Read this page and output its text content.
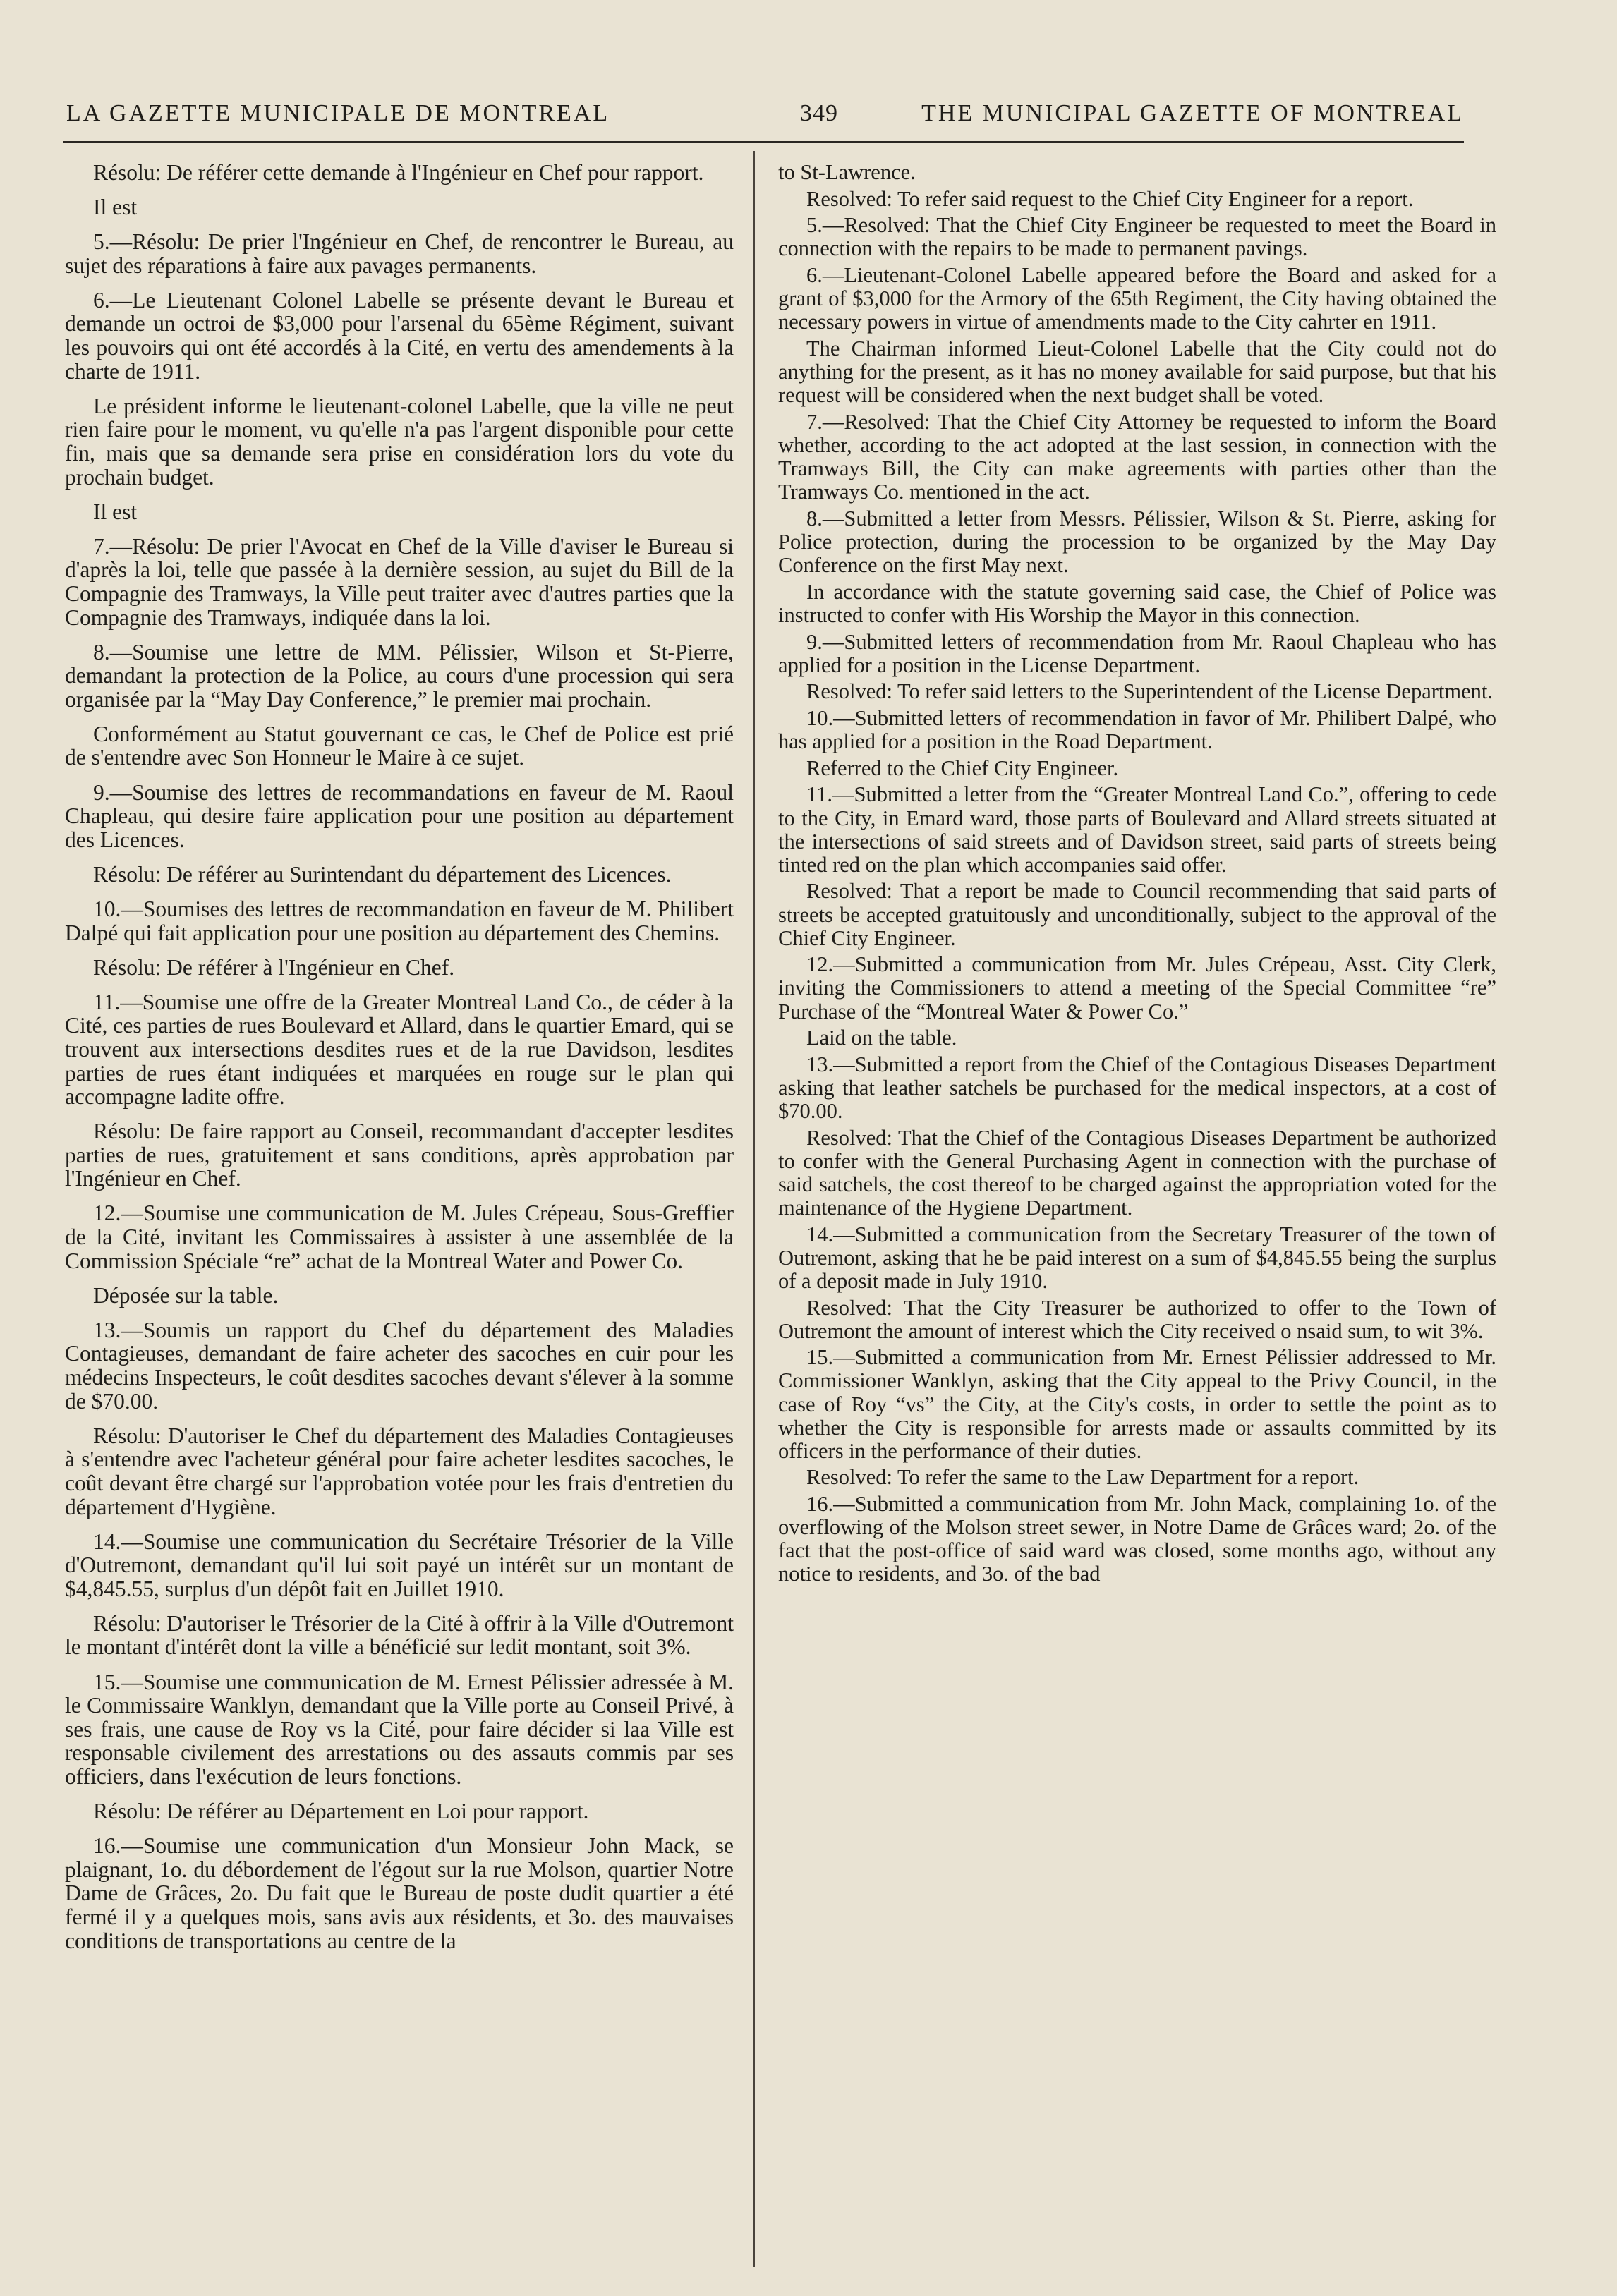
LA GAZETTE MUNICIPALE DE MONTREAL	349	THE MUNICIPAL GAZETTE OF MONTREAL

Résolu: De référer cette demande à l'Ingénieur en Chef pour rapport.

Il est

5.—Résolu: De prier l'Ingénieur en Chef, de rencontrer le Bureau, au sujet des réparations à faire aux pavages permanents.

6.—Le Lieutenant Colonel Labelle se présente devant le Bureau et demande un octroi de $3,000 pour l'arsenal du 65ème Régiment, suivant les pouvoirs qui ont été accordés à la Cité, en vertu des amendements à la charte de 1911.

Le président informe le lieutenant-colonel Labelle, que la ville ne peut rien faire pour le moment, vu qu'elle n'a pas l'argent disponible pour cette fin, mais que sa demande sera prise en considération lors du vote du prochain budget.

Il est

7.—Résolu: De prier l'Avocat en Chef de la Ville d'aviser le Bureau si d'après la loi, telle que passée à la dernière session, au sujet du Bill de la Compagnie des Tramways, la Ville peut traiter avec d'autres parties que la Compagnie des Tramways, indiquée dans la loi.

8.—Soumise une lettre de MM. Pélissier, Wilson et St-Pierre, demandant la protection de la Police, au cours d'une procession qui sera organisée par la “May Day Conference,” le premier mai prochain.

Conformément au Statut gouvernant ce cas, le Chef de Police est prié de s'entendre avec Son Honneur le Maire à ce sujet.

9.—Soumise des lettres de recommandations en faveur de M. Raoul Chapleau, qui desire faire application pour une position au département des Licences.

Résolu: De référer au Surintendant du département des Licences.

10.—Soumises des lettres de recommandation en faveur de M. Philibert Dalpé qui fait application pour une position au département des Chemins.

Résolu: De référer à l'Ingénieur en Chef.

11.—Soumise une offre de la Greater Montreal Land Co., de céder à la Cité, ces parties de rues Boulevard et Allard, dans le quartier Emard, qui se trouvent aux intersections desdites rues et de la rue Davidson, lesdites parties de rues étant indiquées et marquées en rouge sur le plan qui accompagne ladite offre.

Résolu: De faire rapport au Conseil, recommandant d'accepter lesdites parties de rues, gratuitement et sans conditions, après approbation par l'Ingénieur en Chef.

12.—Soumise une communication de M. Jules Crépeau, Sous-Greffier de la Cité, invitant les Commissaires à assister à une assemblée de la Commission Spéciale “re” achat de la Montreal Water and Power Co.

Déposée sur la table.

13.—Soumis un rapport du Chef du département des Maladies Contagieuses, demandant de faire acheter des sacoches en cuir pour les médecins Inspecteurs, le coût desdites sacoches devant s'élever à la somme de $70.00.

Résolu: D'autoriser le Chef du département des Maladies Contagieuses à s'entendre avec l'acheteur général pour faire acheter lesdites sacoches, le coût devant être chargé sur l'approbation votée pour les frais d'entretien du département d'Hygiène.

14.—Soumise une communication du Secrétaire Trésorier de la Ville d'Outremont, demandant qu'il lui soit payé un intérêt sur un montant de $4,845.55, surplus d'un dépôt fait en Juillet 1910.

Résolu: D'autoriser le Trésorier de la Cité à offrir à la Ville d'Outremont le montant d'intérêt dont la ville a bénéficié sur ledit montant, soit 3%.

15.—Soumise une communication de M. Ernest Pélissier adressée à M. le Commissaire Wanklyn, demandant que la Ville porte au Conseil Privé, à ses frais, une cause de Roy vs la Cité, pour faire décider si laa Ville est responsable civilement des arrestations ou des assauts commis par ses officiers, dans l'exécution de leurs fonctions.

Résolu: De référer au Département en Loi pour rapport.

16.—Soumise une communication d'un Monsieur John Mack, se plaignant, 1o. du débordement de l'égout sur la rue Molson, quartier Notre Dame de Grâces, 2o. Du fait que le Bureau de poste dudit quartier a été fermé il y a quelques mois, sans avis aux résidents, et 3o. des mauvaises conditions de transportations au centre de la

to St-Lawrence.

Resolved: To refer said request to the Chief City Engineer for a report.

5.—Resolved: That the Chief City Engineer be requested to meet the Board in connection with the repairs to be made to permanent pavings.

6.—Lieutenant-Colonel Labelle appeared before the Board and asked for a grant of $3,000 for the Armory of the 65th Regiment, the City having obtained the necessary powers in virtue of amendments made to the City cahrter en 1911.

The Chairman informed Lieut-Colonel Labelle that the City could not do anything for the present, as it has no money available for said purpose, but that his request will be considered when the next budget shall be voted.

7.—Resolved: That the Chief City Attorney be requested to inform the Board whether, according to the act adopted at the last session, in connection with the Tramways Bill, the City can make agreements with parties other than the Tramways Co. mentioned in the act.

8.—Submitted a letter from Messrs. Pélissier, Wilson & St. Pierre, asking for Police protection, during the procession to be organized by the May Day Conference on the first May next.

In accordance with the statute governing said case, the Chief of Police was instructed to confer with His Worship the Mayor in this connection.

9.—Submitted letters of recommendation from Mr. Raoul Chapleau who has applied for a position in the License Department.

Resolved: To refer said letters to the Superintendent of the License Department.

10.—Submitted letters of recommendation in favor of Mr. Philibert Dalpé, who has applied for a position in the Road Department.

Referred to the Chief City Engineer.

11.—Submitted a letter from the “Greater Montreal Land Co.”, offering to cede to the City, in Emard ward, those parts of Boulevard and Allard streets situated at the intersections of said streets and of Davidson street, said parts of streets being tinted red on the plan which accompanies said offer.

Resolved: That a report be made to Council recommending that said parts of streets be accepted gratuitously and unconditionally, subject to the approval of the Chief City Engineer.

12.—Submitted a communication from Mr. Jules Crépeau, Asst. City Clerk, inviting the Commissioners to attend a meeting of the Special Committee “re” Purchase of the “Montreal Water & Power Co.”

Laid on the table.

13.—Submitted a report from the Chief of the Contagious Diseases Department asking that leather satchels be purchased for the medical inspectors, at a cost of $70.00.

Resolved: That the Chief of the Contagious Diseases Department be authorized to confer with the General Purchasing Agent in connection with the purchase of said satchels, the cost thereof to be charged against the appropriation voted for the maintenance of the Hygiene Department.

14.—Submitted a communication from the Secretary Treasurer of the town of Outremont, asking that he be paid interest on a sum of $4,845.55 being the surplus of a deposit made in July 1910.

Resolved: That the City Treasurer be authorized to offer to the Town of Outremont the amount of interest which the City received o nsaid sum, to wit 3%.

15.—Submitted a communication from Mr. Ernest Pélissier addressed to Mr. Commissioner Wanklyn, asking that the City appeal to the Privy Council, in the case of Roy “vs” the City, at the City's costs, in order to settle the point as to whether the City is responsible for arrests made or assaults committed by its officers in the performance of their duties.

Resolved: To refer the same to the Law Department for a report.

16.—Submitted a communication from Mr. John Mack, complaining 1o. of the overflowing of the Molson street sewer, in Notre Dame de Grâces ward; 2o. of the fact that the post-office of said ward was closed, some months ago, without any notice to residents, and 3o. of the bad
